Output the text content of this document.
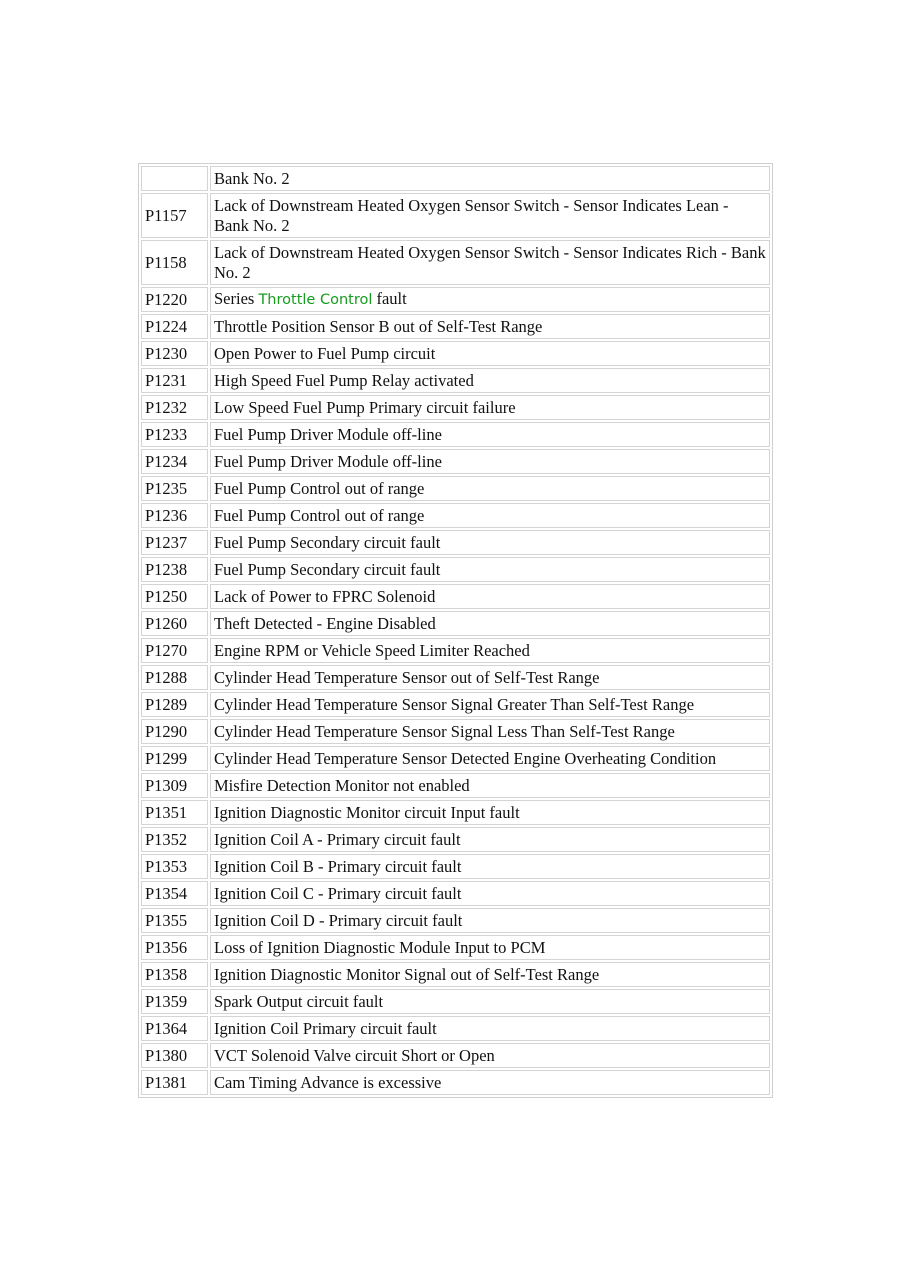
	Bank No. 2
P1157	Lack of Downstream Heated Oxygen Sensor Switch - Sensor Indicates Lean - Bank No. 2
P1158	Lack of Downstream Heated Oxygen Sensor Switch - Sensor Indicates Rich - Bank No. 2
P1220	Series Throttle Control fault
P1224	Throttle Position Sensor B out of Self-Test Range
P1230	Open Power to Fuel Pump circuit
P1231	High Speed Fuel Pump Relay activated
P1232	Low Speed Fuel Pump Primary circuit failure
P1233	Fuel Pump Driver Module off-line
P1234	Fuel Pump Driver Module off-line
P1235	Fuel Pump Control out of range
P1236	Fuel Pump Control out of range
P1237	Fuel Pump Secondary circuit fault
P1238	Fuel Pump Secondary circuit fault
P1250	Lack of Power to FPRC Solenoid
P1260	Theft Detected - Engine Disabled
P1270	Engine RPM or Vehicle Speed Limiter Reached
P1288	Cylinder Head Temperature Sensor out of Self-Test Range
P1289	Cylinder Head Temperature Sensor Signal Greater Than Self-Test Range
P1290	Cylinder Head Temperature Sensor Signal Less Than Self-Test Range
P1299	Cylinder Head Temperature Sensor Detected Engine Overheating Condition
P1309	Misfire Detection Monitor not enabled
P1351	Ignition Diagnostic Monitor circuit Input fault
P1352	Ignition Coil A - Primary circuit fault
P1353	Ignition Coil B - Primary circuit fault
P1354	Ignition Coil C - Primary circuit fault
P1355	Ignition Coil D - Primary circuit fault
P1356	Loss of Ignition Diagnostic Module Input to PCM
P1358	Ignition Diagnostic Monitor Signal out of Self-Test Range
P1359	Spark Output circuit fault
P1364	Ignition Coil Primary circuit fault
P1380	VCT Solenoid Valve circuit Short or Open
P1381	Cam Timing Advance is excessive
